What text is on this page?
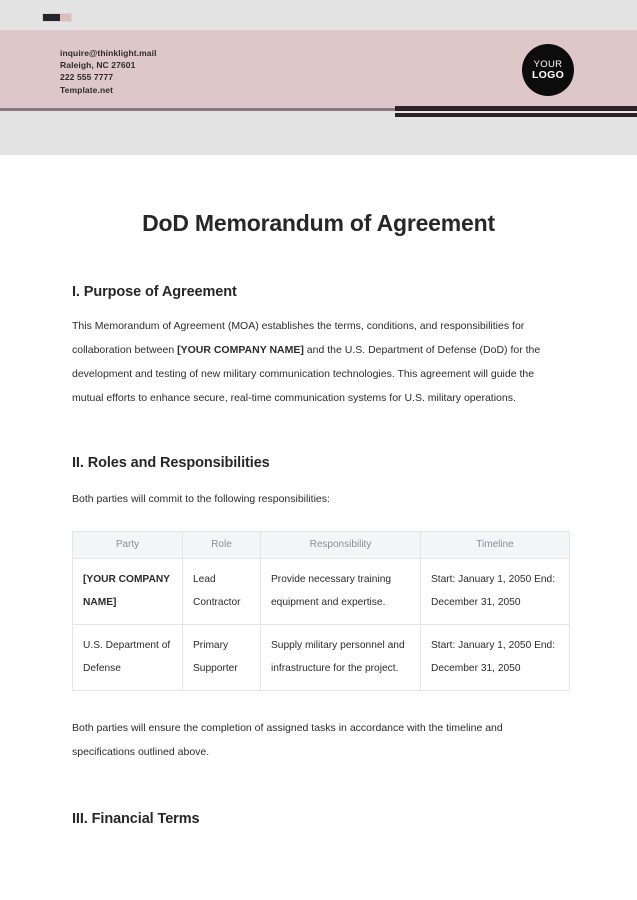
inquire@thinklight.mail
Raleigh, NC 27601
222 555 7777
Template.net
YOUR
LOGO
DoD Memorandum of Agreement
I. Purpose of Agreement

This Memorandum of Agreement (MOA) establishes the terms, conditions, and responsibilities for collaboration between [YOUR COMPANY NAME] and the U.S. Department of Defense (DoD) for the development and testing of new military communication technologies. This agreement will guide the mutual efforts to enhance secure, real-time communication systems for U.S. military operations.

II. Roles and Responsibilities

Both parties will commit to the following responsibilities:

Party	Role	Responsibility	Timeline
[YOUR COMPANY NAME]	Lead Contractor	Provide necessary training equipment and expertise.	Start: January 1, 2050 End: December 31, 2050
U.S. Department of Defense	Primary Supporter	Supply military personnel and infrastructure for the project.	Start: January 1, 2050 End: December 31, 2050

Both parties will ensure the completion of assigned tasks in accordance with the timeline and specifications outlined above.

III. Financial Terms
